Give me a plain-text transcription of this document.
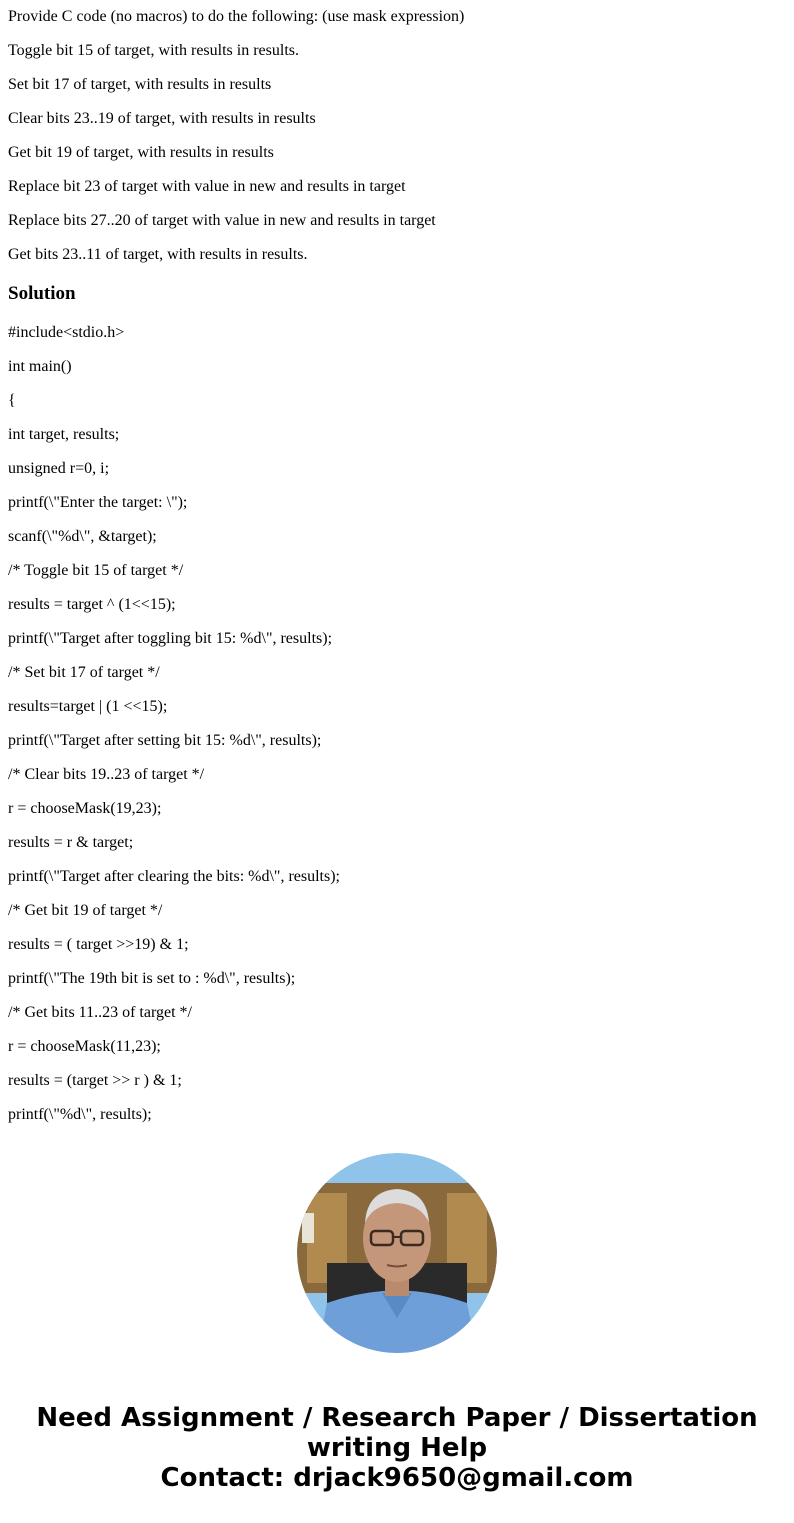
Provide C code (no macros) to do the following: (use mask expression)

Toggle bit 15 of target, with results in results.

Set bit 17 of target, with results in results

Clear bits 23..19 of target, with results in results

Get bit 19 of target, with results in results

Replace bit 23 of target with value in new and results in target

Replace bits 27..20 of target with value in new and results in target

Get bits 23..11 of target, with results in results.

Solution

#include<stdio.h>

int main()

{

int target, results;

unsigned r=0, i;

printf(\"Enter the target: \");

scanf(\"%d\", &target);

/* Toggle bit 15 of target */

results = target ^ (1<<15);

printf(\"Target after toggling bit 15: %d\", results);

/* Set bit 17 of target */

results=target | (1 <<15);

printf(\"Target after setting bit 15: %d\", results);

/* Clear bits 19..23 of target */

r = chooseMask(19,23);

results = r & target;

printf(\"Target after clearing the bits: %d\", results);

/* Get bit 19 of target */

results = ( target >>19) & 1;

printf(\"The 19th bit is set to : %d\", results);

/* Get bits 11..23 of target */

r = chooseMask(11,23);

results = (target >> r ) & 1;

printf(\"%d\", results);

Need Assignment / Research Paper / Dissertation
writing Help
Contact: drjack9650@gmail.com
